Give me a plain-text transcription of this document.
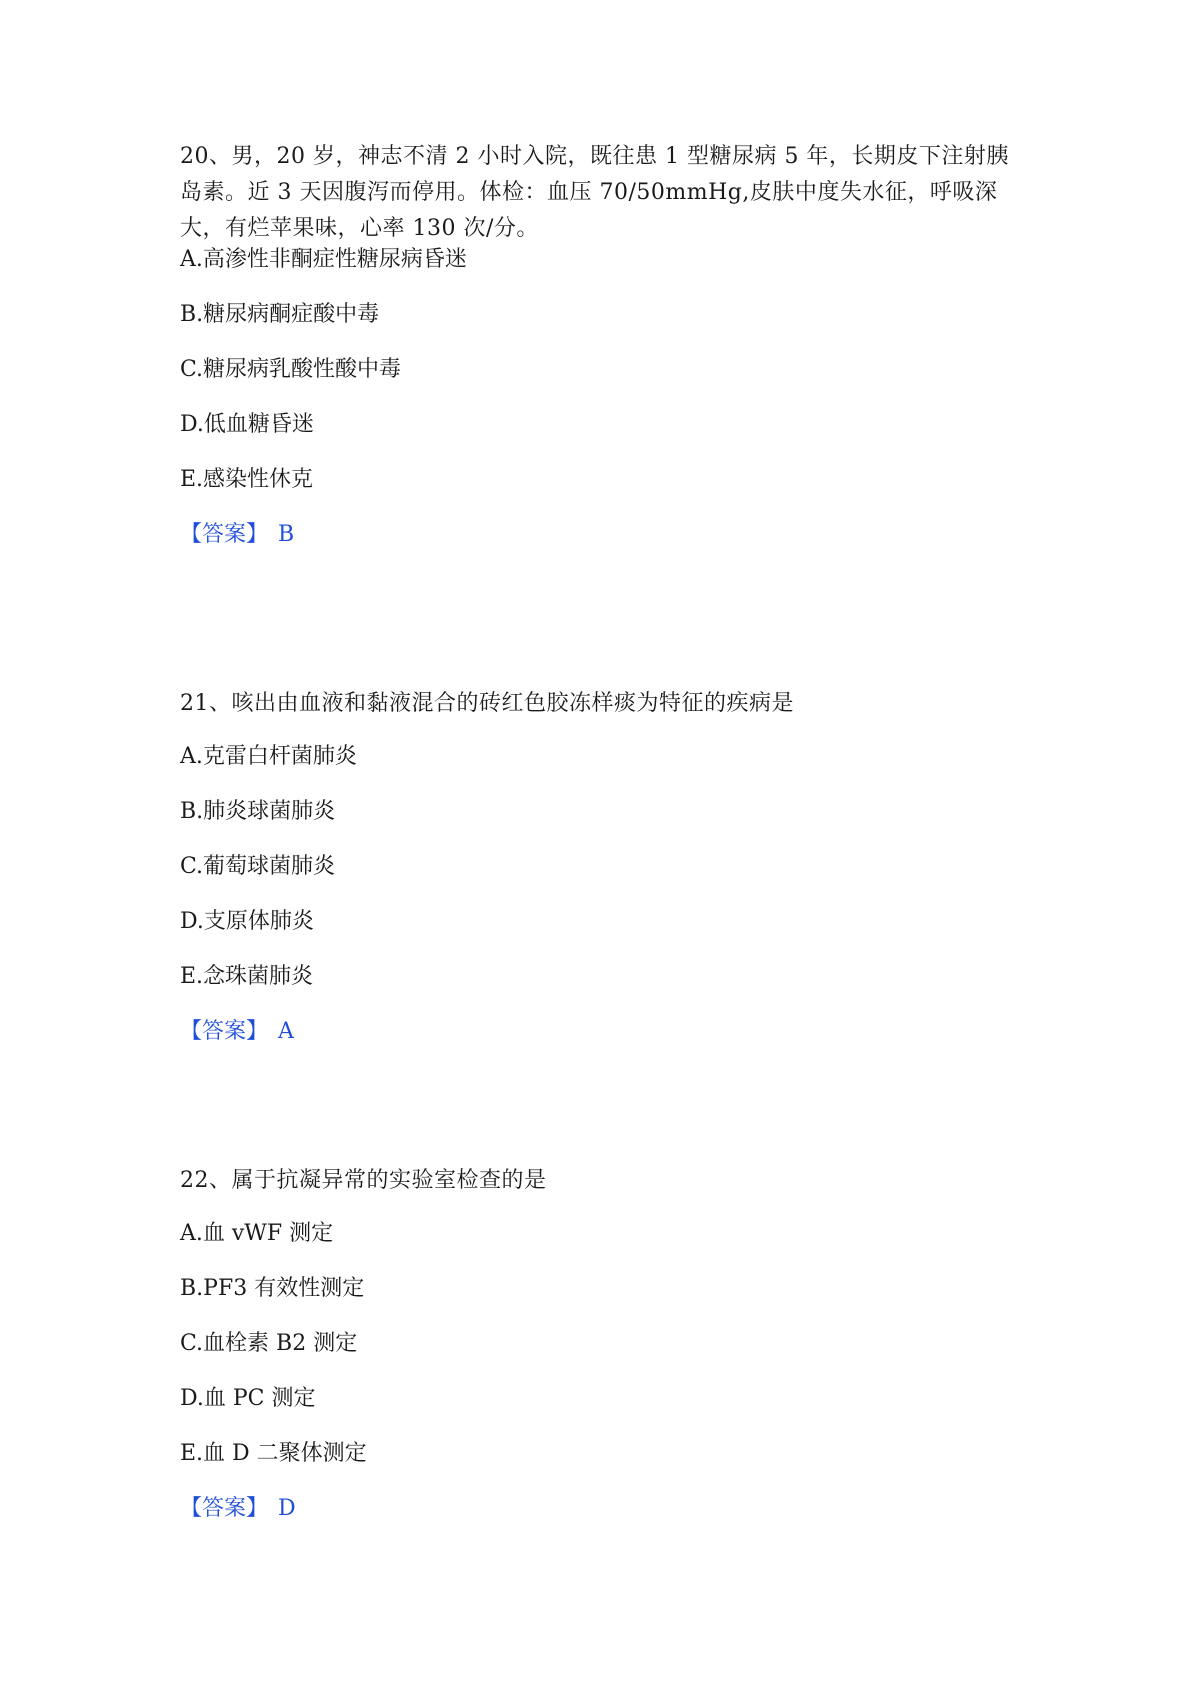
20、男，20 岁，神志不清 2 小时入院，既往患 1 型糖尿病 5 年，长期皮下注射胰岛素。近 3 天因腹泻而停用。体检：血压 70/50mmHg,皮肤中度失水征，呼吸深大，有烂苹果味，心率 130 次/分。

A.高渗性非酮症性糖尿病昏迷

B.糖尿病酮症酸中毒

C.糖尿病乳酸性酸中毒

D.低血糖昏迷

E.感染性休克

【答案】 B

21、咳出由血液和黏液混合的砖红色胶冻样痰为特征的疾病是

A.克雷白杆菌肺炎

B.肺炎球菌肺炎

C.葡萄球菌肺炎

D.支原体肺炎

E.念珠菌肺炎

【答案】 A

22、属于抗凝异常的实验室检查的是

A.血 vWF 测定

B.PF3 有效性测定

C.血栓素 B2 测定

D.血 PC 测定

E.血 D 二聚体测定

【答案】 D
